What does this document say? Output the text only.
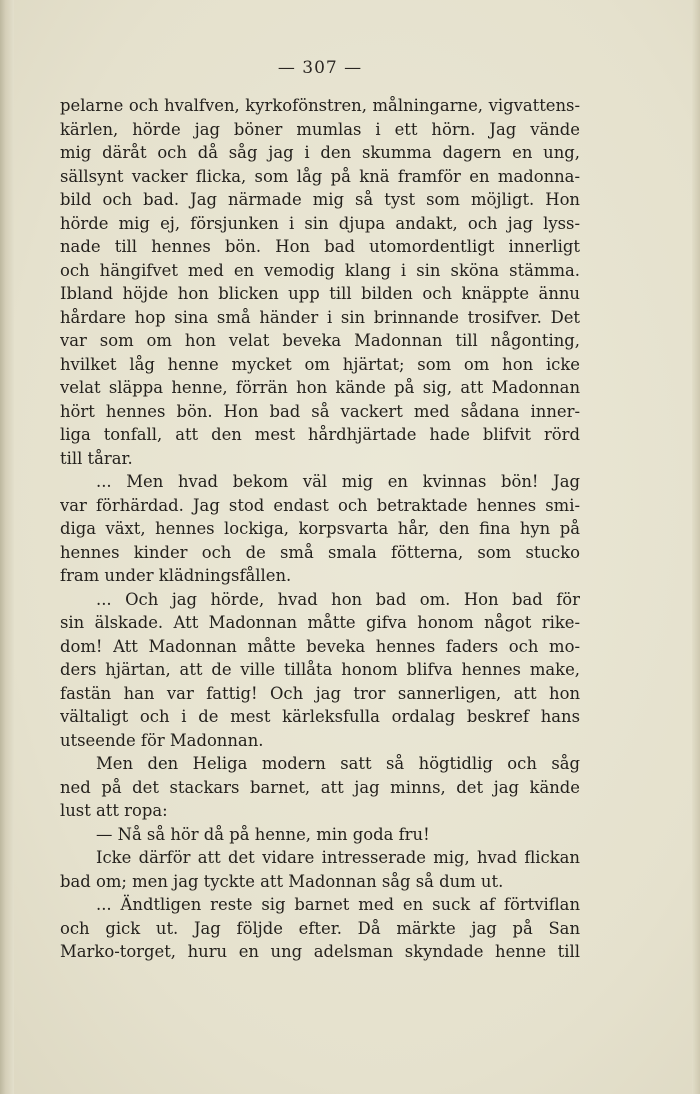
— 307 —
pelarne och hvalfven, kyrkofönstren, målningarne, vigvattens-
kärlen, hörde jag böner mumlas i ett hörn. Jag vände
mig däråt och då såg jag i den skumma dagern en ung,
sällsynt vacker flicka, som låg på knä framför en madonna-
bild och bad. Jag närmade mig så tyst som möjligt. Hon
hörde mig ej, försjunken i sin djupa andakt, och jag lyss-
nade till hennes bön. Hon bad utomordentligt innerligt
och hängifvet med en vemodig klang i sin sköna stämma.
Ibland höjde hon blicken upp till bilden och knäppte ännu
hårdare hop sina små händer i sin brinnande trosifver. Det
var som om hon velat beveka Madonnan till någonting,
hvilket låg henne mycket om hjärtat; som om hon icke
velat släppa henne, förrän hon kände på sig, att Madonnan
hört hennes bön. Hon bad så vackert med sådana inner-
liga tonfall, att den mest hårdhjärtade hade blifvit rörd
till tårar.
... Men hvad bekom väl mig en kvinnas bön! Jag
var förhärdad. Jag stod endast och betraktade hennes smi-
diga växt, hennes lockiga, korpsvarta hår, den fina hyn på
hennes kinder och de små smala fötterna, som stucko
fram under klädningsfållen.
... Och jag hörde, hvad hon bad om. Hon bad för
sin älskade. Att Madonnan måtte gifva honom något rike-
dom! Att Madonnan måtte beveka hennes faders och mo-
ders hjärtan, att de ville tillåta honom blifva hennes make,
fastän han var fattig! Och jag tror sannerligen, att hon
vältaligt och i de mest kärleksfulla ordalag beskref hans
utseende för Madonnan.
Men den Heliga modern satt så högtidlig och såg
ned på det stackars barnet, att jag minns, det jag kände
lust att ropa:
— Nå så hör då på henne, min goda fru!
Icke därför att det vidare intresserade mig, hvad flickan
bad om; men jag tyckte att Madonnan såg så dum ut.
... Ändtligen reste sig barnet med en suck af förtviflan
och gick ut. Jag följde efter. Då märkte jag på San
Marko-torget, huru en ung adelsman skyndade henne till
